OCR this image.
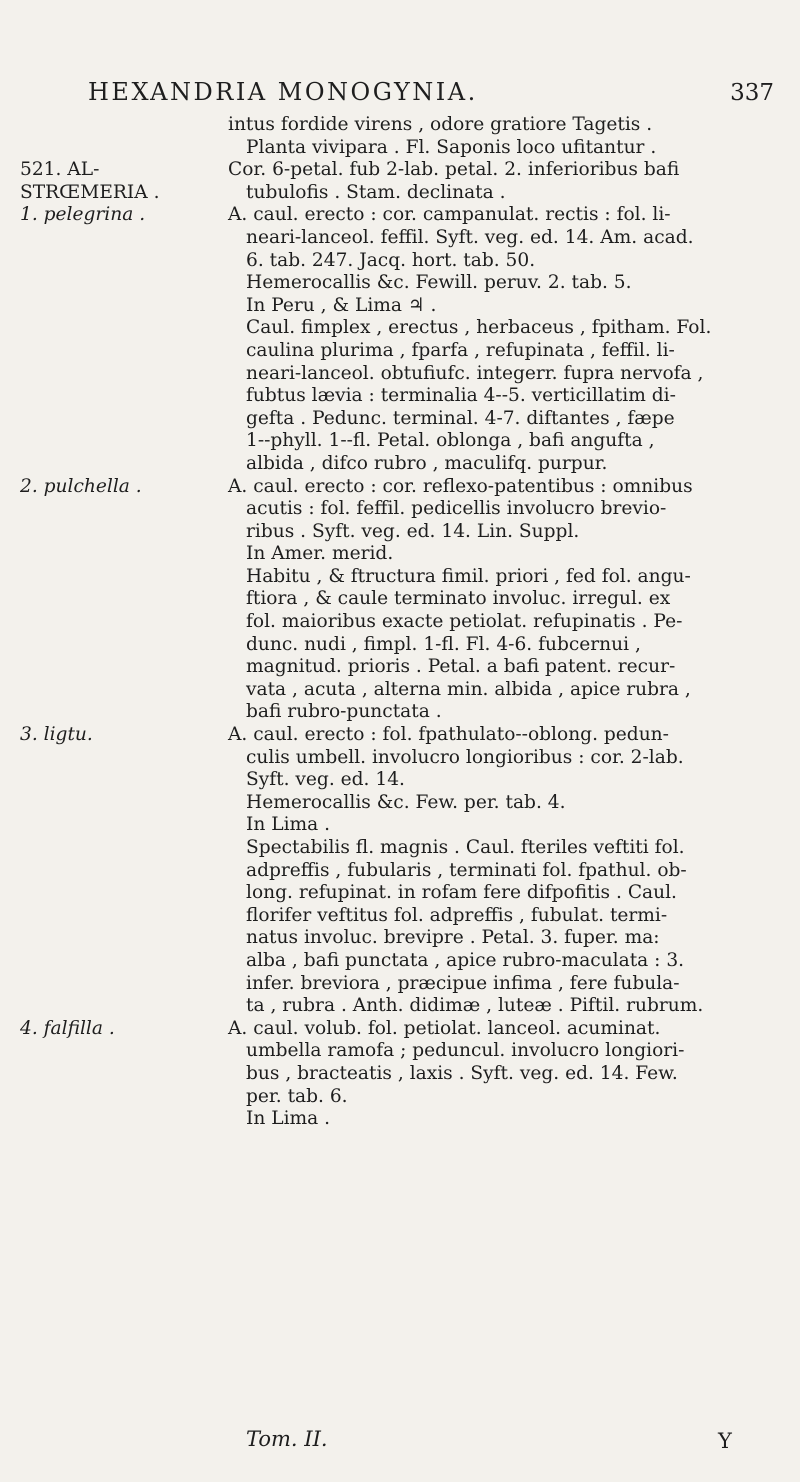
HEXANDRIA MONOGYNIA.	337
intus fordide virens , odore gratiore Tagetis .
Planta vivipara . Fl. Saponis loco ufitantur .
521. AL-	Cor. 6-petal. fub 2-lab. petal. 2. inferioribus bafi
STRŒMERIA .	tubulofis . Stam. declinata .
1. pelegrina .	A. caul. erecto : cor. campanulat. rectis : fol. li-
neari-lanceol. feffil. Syft. veg. ed. 14. Am. acad.
6. tab. 247. Jacq. hort. tab. 50.
Hemerocallis &c. Fewill. peruv. 2. tab. 5.
In Peru , & Lima ♃ .
Caul. fimplex , erectus , herbaceus , fpitham. Fol.
caulina plurima , fparfa , refupinata , feffil. li-
neari-lanceol. obtufiufc. integerr. fupra nervofa ,
fubtus lævia : terminalia 4--5. verticillatim di-
gefta . Pedunc. terminal. 4-7. diftantes , fæpe
1--phyll. 1--fl. Petal. oblonga , bafi angufta ,
albida , difco rubro , maculifq. purpur.
2. pulchella .	A. caul. erecto : cor. reflexo-patentibus : omnibus
acutis : fol. feffil. pedicellis involucro brevio-
ribus . Syft. veg. ed. 14. Lin. Suppl.
In Amer. merid.
Habitu , & ftructura fimil. priori , fed fol. angu-
ftiora , & caule terminato involuc. irregul. ex
fol. maioribus exacte petiolat. refupinatis . Pe-
dunc. nudi , fimpl. 1-fl. Fl. 4-6. fubcernui ,
magnitud. prioris . Petal. a bafi patent. recur-
vata , acuta , alterna min. albida , apice rubra ,
bafi rubro-punctata .
3. ligtu.	A. caul. erecto : fol. fpathulato--oblong. pedun-
culis umbell. involucro longioribus : cor. 2-lab.
Syft. veg. ed. 14.
Hemerocallis &c. Few. per. tab. 4.
In Lima .
Spectabilis fl. magnis . Caul. fteriles veftiti fol.
adpreffis , fubularis , terminati fol. fpathul. ob-
long. refupinat. in rofam fere difpofitis . Caul.
florifer veftitus fol. adpreffis , fubulat. termi-
natus involuc. brevipre . Petal. 3. fuper. ma:
alba , bafi punctata , apice rubro-maculata : 3.
infer. breviora , præcipue infima , fere fubula-
ta , rubra . Anth. didimæ , luteæ . Piftil. rubrum.
4. falfilla .	A. caul. volub. fol. petiolat. lanceol. acuminat.
umbella ramofa ; peduncul. involucro longiori-
bus , bracteatis , laxis . Syft. veg. ed. 14. Few.
per. tab. 6.
In Lima .
Tom. II.	Y
